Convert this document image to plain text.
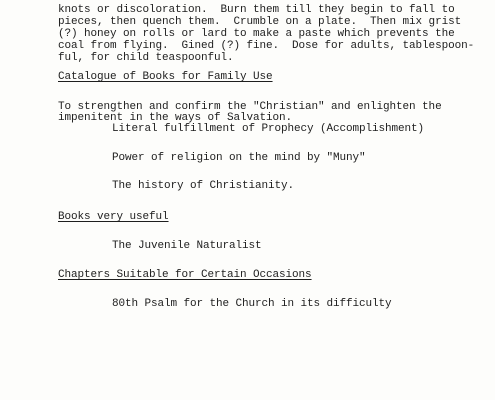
knots or discoloration.  Burn them till they begin to fall to
pieces, then quench them.  Crumble on a plate.  Then mix grist
(?) honey on rolls or lard to make a paste which prevents the
coal from flying.  Gined (?) fine.  Dose for adults, tablespoon-
ful, for child teaspoonful.
Catalogue of Books for Family Use
To strengthen and confirm the "Christian" and enlighten the
impenitent in the ways of Salvation.
Literal fulfillment of Prophecy (Accomplishment)
Power of religion on the mind by "Muny"
The history of Christianity.
Books very useful
The Juvenile Naturalist
Chapters Suitable for Certain Occasions
80th Psalm for the Church in its difficulty
